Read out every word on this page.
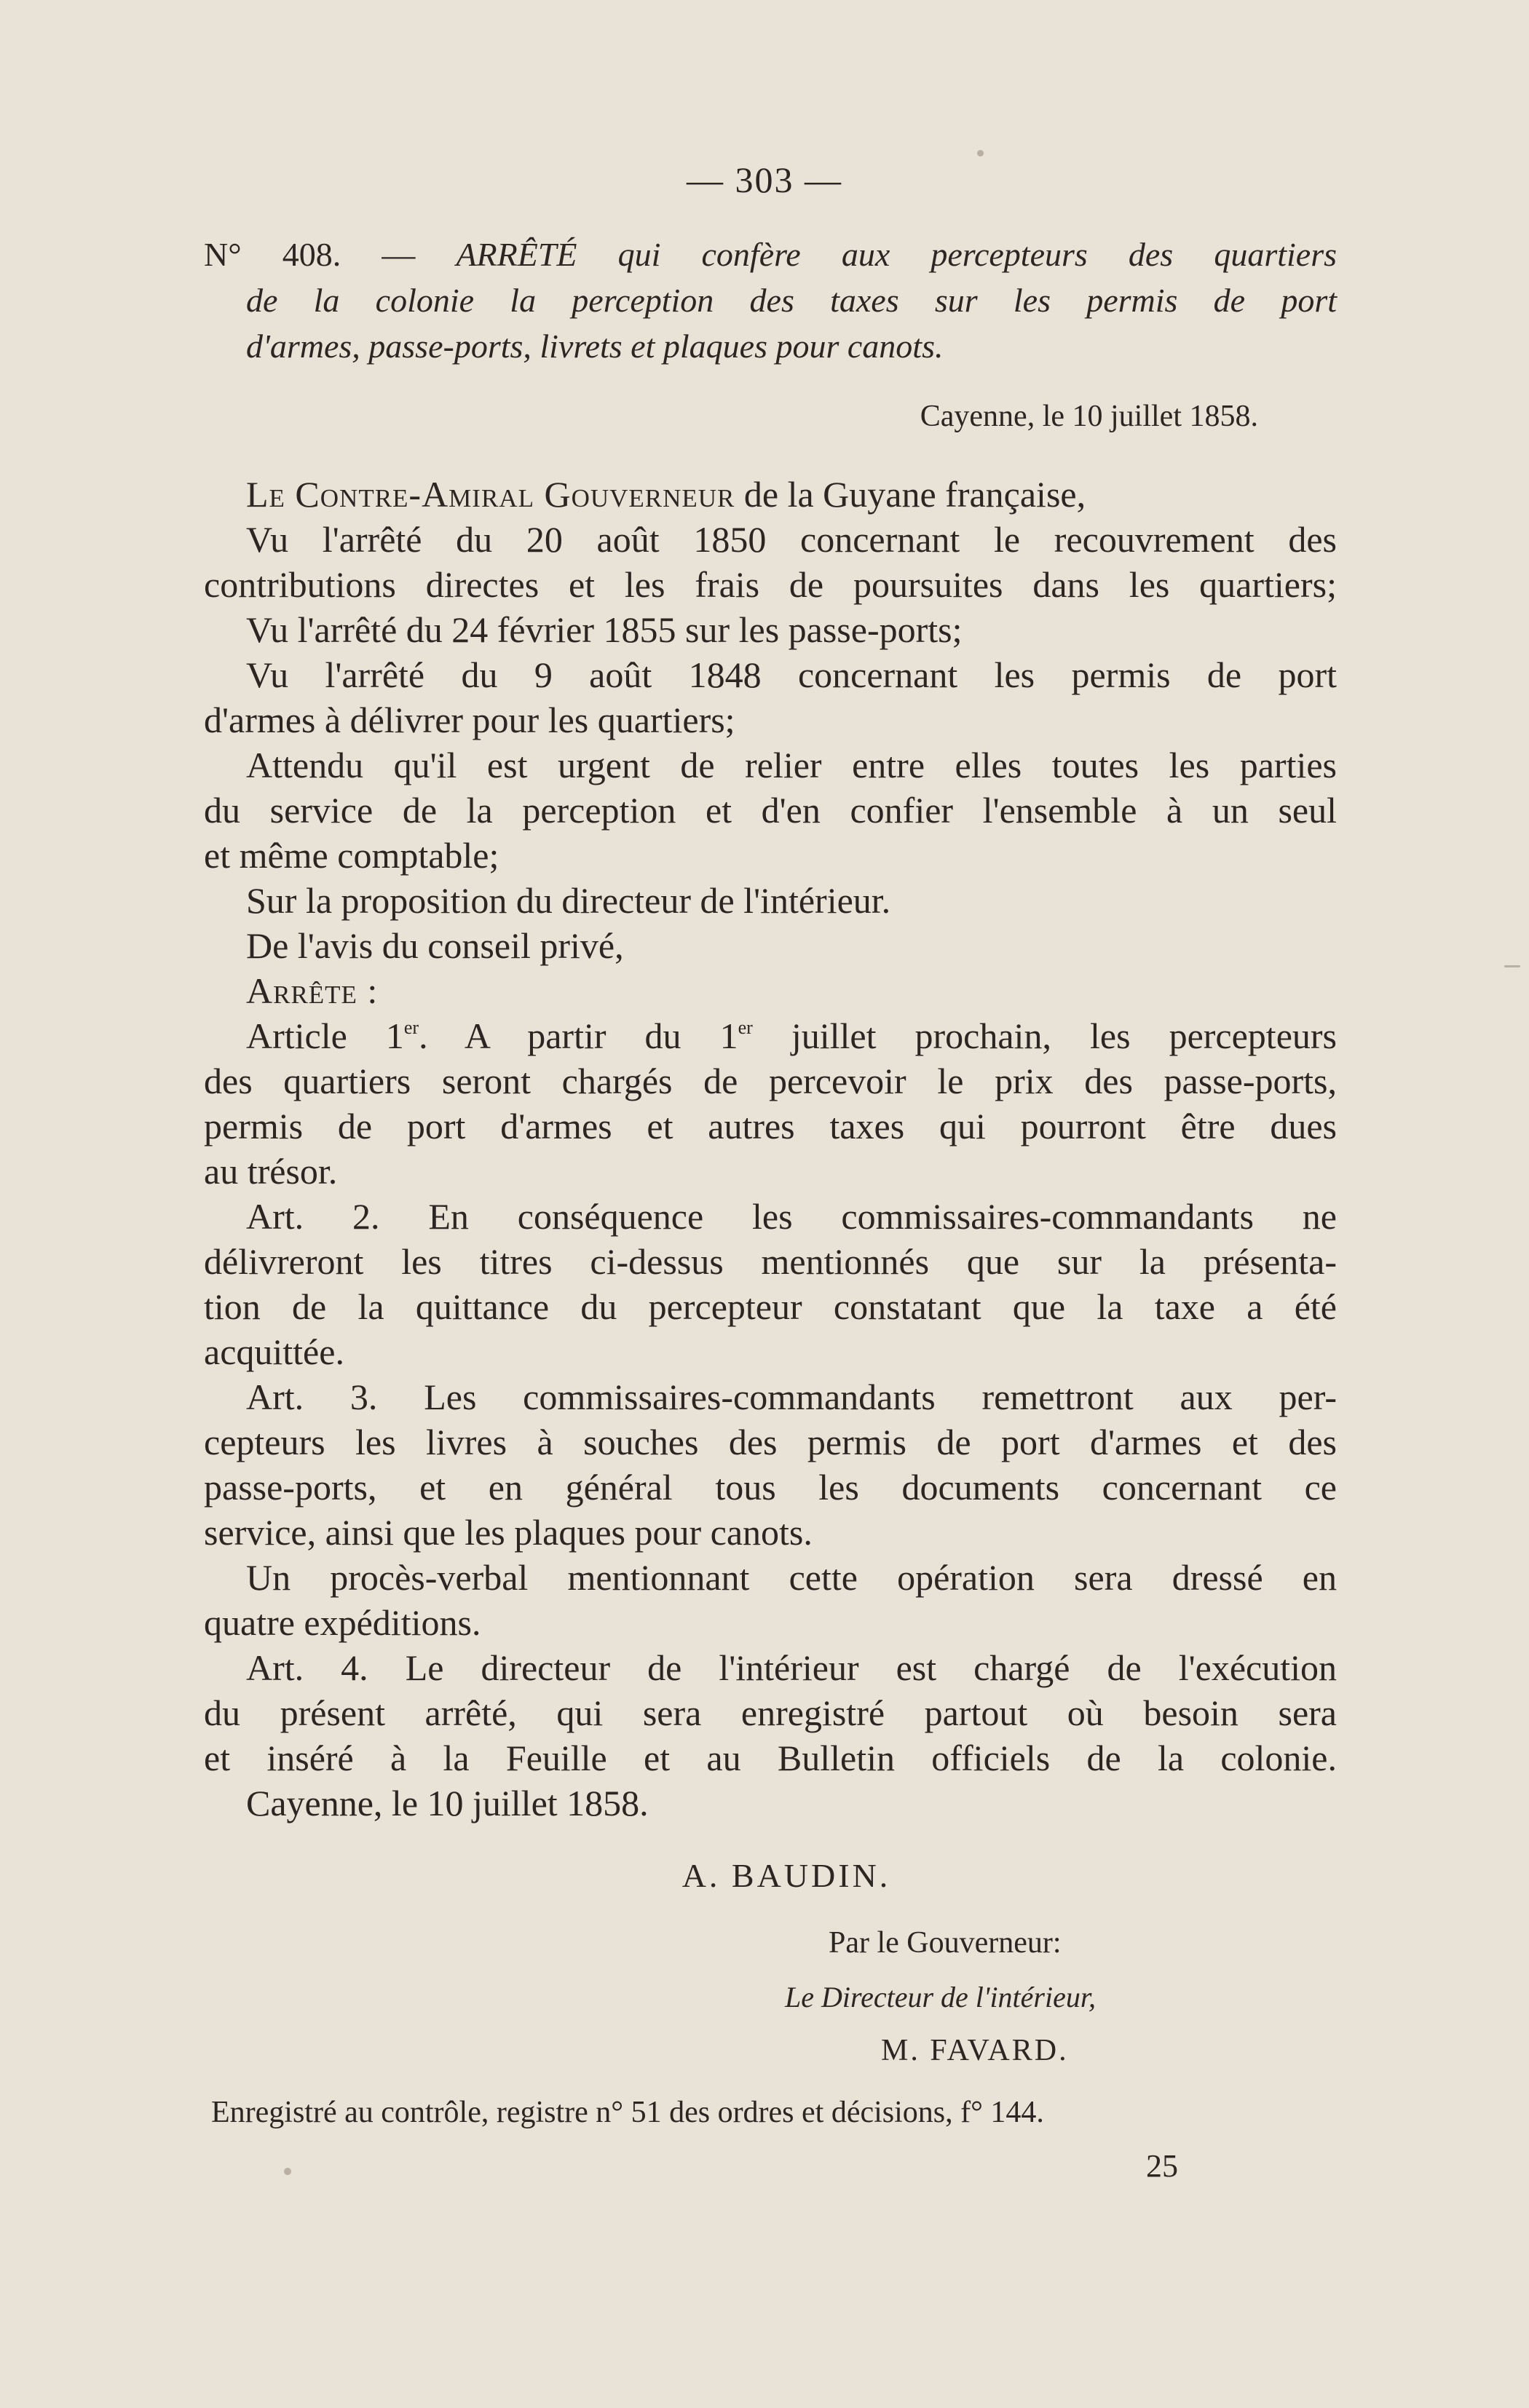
— 303 —
N° 408. — ARRÊTÉ qui confère aux percepteurs des quartiers
de la colonie la perception des taxes sur les permis de port
d'armes, passe-ports, livrets et plaques pour canots.
Cayenne, le 10 juillet 1858.
Le Contre-Amiral Gouverneur de la Guyane française,
Vu l'arrêté du 20 août 1850 concernant le recouvrement des
contributions directes et les frais de poursuites dans les quartiers;
Vu l'arrêté du 24 février 1855 sur les passe-ports;
Vu l'arrêté du 9 août 1848 concernant les permis de port
d'armes à délivrer pour les quartiers;
Attendu qu'il est urgent de relier entre elles toutes les parties
du service de la perception et d'en confier l'ensemble à un seul
et même comptable;
Sur la proposition du directeur de l'intérieur.
De l'avis du conseil privé,
Arrête :
Article 1er. A partir du 1er juillet prochain, les percepteurs
des quartiers seront chargés de percevoir le prix des passe-ports,
permis de port d'armes et autres taxes qui pourront être dues
au trésor.
Art. 2. En conséquence les commissaires-commandants ne
délivreront les titres ci-dessus mentionnés que sur la présenta-
tion de la quittance du percepteur constatant que la taxe a été
acquittée.
Art. 3. Les commissaires-commandants remettront aux per-
cepteurs les livres à souches des permis de port d'armes et des
passe-ports, et en général tous les documents concernant ce
service, ainsi que les plaques pour canots.
Un procès-verbal mentionnant cette opération sera dressé en
quatre expéditions.
Art. 4. Le directeur de l'intérieur est chargé de l'exécution
du présent arrêté, qui sera enregistré partout où besoin sera
et inséré à la Feuille et au Bulletin officiels de la colonie.
Cayenne, le 10 juillet 1858.
A. BAUDIN.
Par le Gouverneur:
Le Directeur de l'intérieur,
M. FAVARD.
Enregistré au contrôle, registre n° 51 des ordres et décisions, f° 144.
25
